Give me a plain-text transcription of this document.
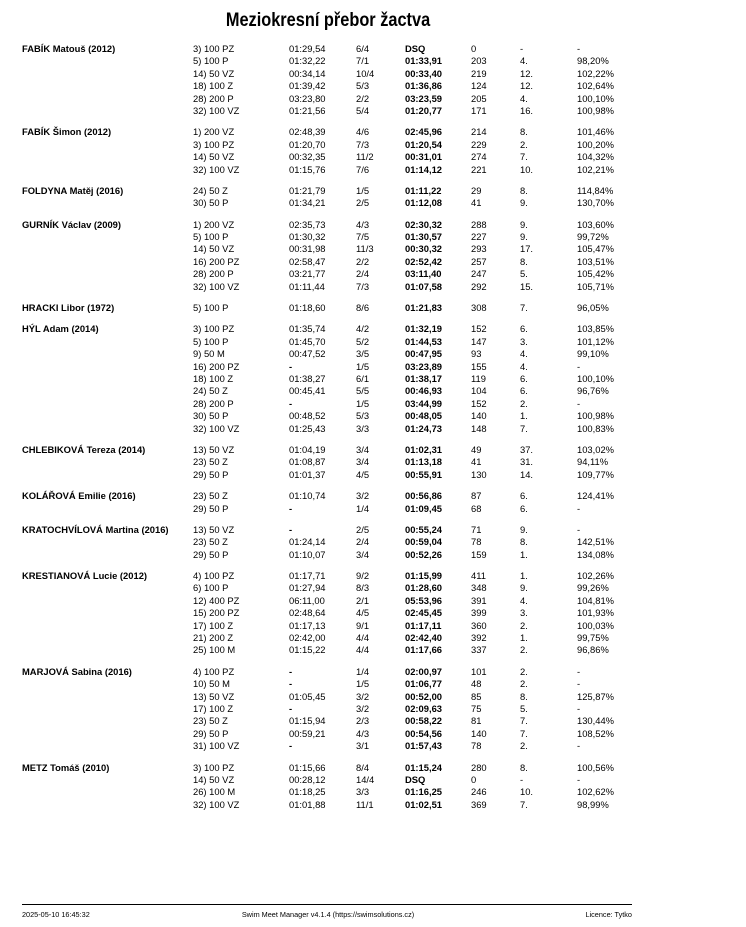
Meziokresní přebor žactva
FABÍK Matouš (2012)	3) 100 PZ	01:29,54	6/4	DSQ	0	-	-
5) 100 P	01:32,22	7/1	01:33,91	203	4.	98,20%
14) 50 VZ	00:34,14	10/4	00:33,40	219	12.	102,22%
18) 100 Z	01:39,42	5/3	01:36,86	124	12.	102,64%
28) 200 P	03:23,80	2/2	03:23,59	205	4.	100,10%
32) 100 VZ	01:21,56	5/4	01:20,77	171	16.	100,98%
FABÍK Šimon (2012)	1) 200 VZ	02:48,39	4/6	02:45,96	214	8.	101,46%
3) 100 PZ	01:20,70	7/3	01:20,54	229	2.	100,20%
14) 50 VZ	00:32,35	11/2	00:31,01	274	7.	104,32%
32) 100 VZ	01:15,76	7/6	01:14,12	221	10.	102,21%
FOLDYNA Matěj (2016)	24) 50 Z	01:21,79	1/5	01:11,22	29	8.	114,84%
30) 50 P	01:34,21	2/5	01:12,08	41	9.	130,70%
GURNÍK Václav (2009)	1) 200 VZ	02:35,73	4/3	02:30,32	288	9.	103,60%
5) 100 P	01:30,32	7/5	01:30,57	227	9.	99,72%
14) 50 VZ	00:31,98	11/3	00:30,32	293	17.	105,47%
16) 200 PZ	02:58,47	2/2	02:52,42	257	8.	103,51%
28) 200 P	03:21,77	2/4	03:11,40	247	5.	105,42%
32) 100 VZ	01:11,44	7/3	01:07,58	292	15.	105,71%
HRACKI Libor (1972)	5) 100 P	01:18,60	8/6	01:21,83	308	7.	96,05%
HÝL Adam (2014)	3) 100 PZ	01:35,74	4/2	01:32,19	152	6.	103,85%
5) 100 P	01:45,70	5/2	01:44,53	147	3.	101,12%
9) 50 M	00:47,52	3/5	00:47,95	93	4.	99,10%
16) 200 PZ	-	1/5	03:23,89	155	4.	-
18) 100 Z	01:38,27	6/1	01:38,17	119	6.	100,10%
24) 50 Z	00:45,41	5/5	00:46,93	104	6.	96,76%
28) 200 P	-	1/5	03:44,99	152	2.	-
30) 50 P	00:48,52	5/3	00:48,05	140	1.	100,98%
32) 100 VZ	01:25,43	3/3	01:24,73	148	7.	100,83%
CHLEBIKOVÁ Tereza (2014)	13) 50 VZ	01:04,19	3/4	01:02,31	49	37.	103,02%
23) 50 Z	01:08,87	3/4	01:13,18	41	31.	94,11%
29) 50 P	01:01,37	4/5	00:55,91	130	14.	109,77%
KOLÁŘOVÁ Emilie (2016)	23) 50 Z	01:10,74	3/2	00:56,86	87	6.	124,41%
29) 50 P	-	1/4	01:09,45	68	6.	-
KRATOCHVÍLOVÁ Martina (2016)	13) 50 VZ	-	2/5	00:55,24	71	9.	-
23) 50 Z	01:24,14	2/4	00:59,04	78	8.	142,51%
29) 50 P	01:10,07	3/4	00:52,26	159	1.	134,08%
KRESTIANOVÁ Lucie (2012)	4) 100 PZ	01:17,71	9/2	01:15,99	411	1.	102,26%
6) 100 P	01:27,94	8/3	01:28,60	348	9.	99,26%
12) 400 PZ	06:11,00	2/1	05:53,96	391	4.	104,81%
15) 200 PZ	02:48,64	4/5	02:45,45	399	3.	101,93%
17) 100 Z	01:17,13	9/1	01:17,11	360	2.	100,03%
21) 200 Z	02:42,00	4/4	02:42,40	392	1.	99,75%
25) 100 M	01:15,22	4/4	01:17,66	337	2.	96,86%
MARJOVÁ Sabina (2016)	4) 100 PZ	-	1/4	02:00,97	101	2.	-
10) 50 M	-	1/5	01:06,77	48	2.	-
13) 50 VZ	01:05,45	3/2	00:52,00	85	8.	125,87%
17) 100 Z	-	3/2	02:09,63	75	5.	-
23) 50 Z	01:15,94	2/3	00:58,22	81	7.	130,44%
29) 50 P	00:59,21	4/3	00:54,56	140	7.	108,52%
31) 100 VZ	-	3/1	01:57,43	78	2.	-
METZ Tomáš (2010)	3) 100 PZ	01:15,66	8/4	01:15,24	280	8.	100,56%
14) 50 VZ	00:28,12	14/4	DSQ	0	-	-
26) 100 M	01:18,25	3/3	01:16,25	246	10.	102,62%
32) 100 VZ	01:01,88	11/1	01:02,51	369	7.	98,99%
2025-05-10 16:45:32	Swim Meet Manager v4.1.4 (https://swimsolutions.cz)	Licence: Tytko
